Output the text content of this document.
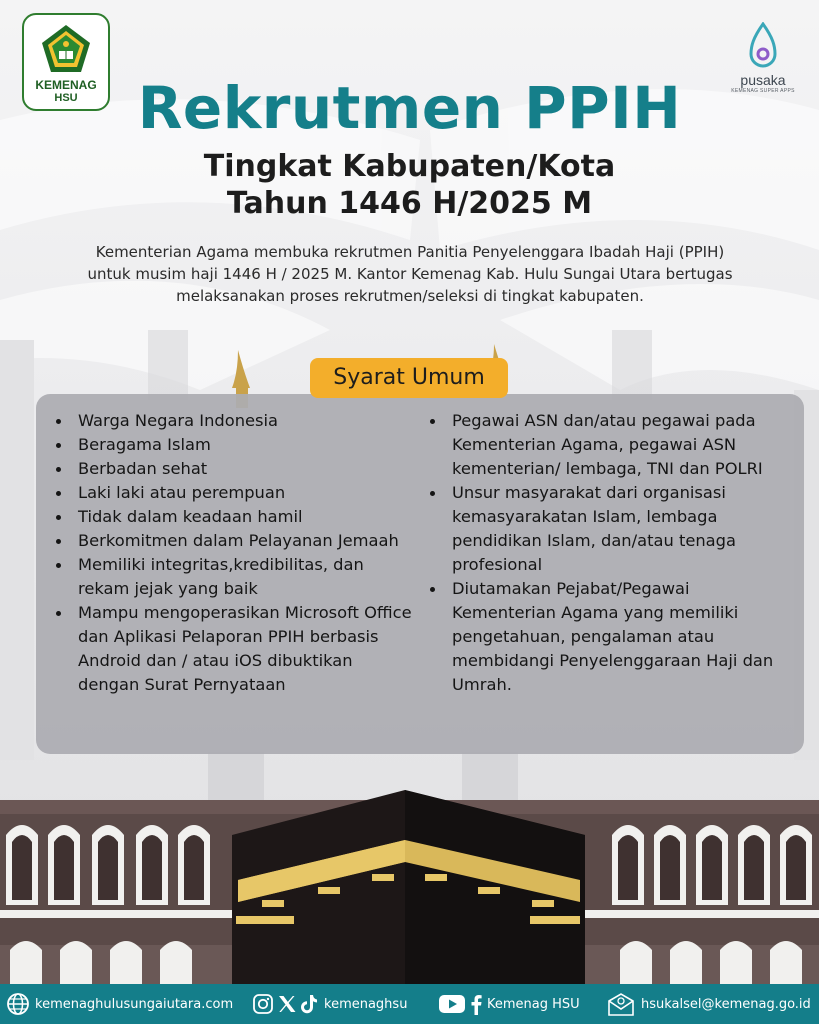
KEMENAG
HSU
pusaka
KEMENAG SUPER APPS
Rekrutmen PPIH
Tingkat Kabupaten/Kota
Tahun 1446 H/2025 M
Kementerian Agama membuka rekrutmen Panitia Penyelenggara Ibadah Haji (PPIH)
untuk musim haji 1446 H / 2025 M. Kantor Kemenag Kab. Hulu Sungai Utara bertugas
melaksanakan proses rekrutmen/seleksi di tingkat kabupaten.
Syarat Umum
Warga Negara Indonesia
Beragama Islam
Berbadan sehat
Laki laki atau perempuan
Tidak dalam keadaan hamil
Berkomitmen dalam Pelayanan Jemaah
Memiliki integritas,kredibilitas, dan rekam jejak yang baik
Mampu mengoperasikan Microsoft Office dan Aplikasi Pelaporan PPIH berbasis Android dan / atau iOS dibuktikan dengan Surat Pernyataan
Pegawai ASN dan/atau pegawai pada Kementerian Agama, pegawai ASN kementerian/ lembaga, TNI dan POLRI
Unsur masyarakat dari organisasi kemasyarakatan Islam, lembaga pendidikan Islam, dan/atau tenaga profesional
Diutamakan Pejabat/Pegawai Kementerian Agama yang memiliki pengetahuan, pengalaman atau membidangi Penyelenggaraan Haji dan Umrah.
kemenaghulusungaiutara.com	kemenaghsu	Kemenag HSU	hsukalsel@kemenag.go.id
